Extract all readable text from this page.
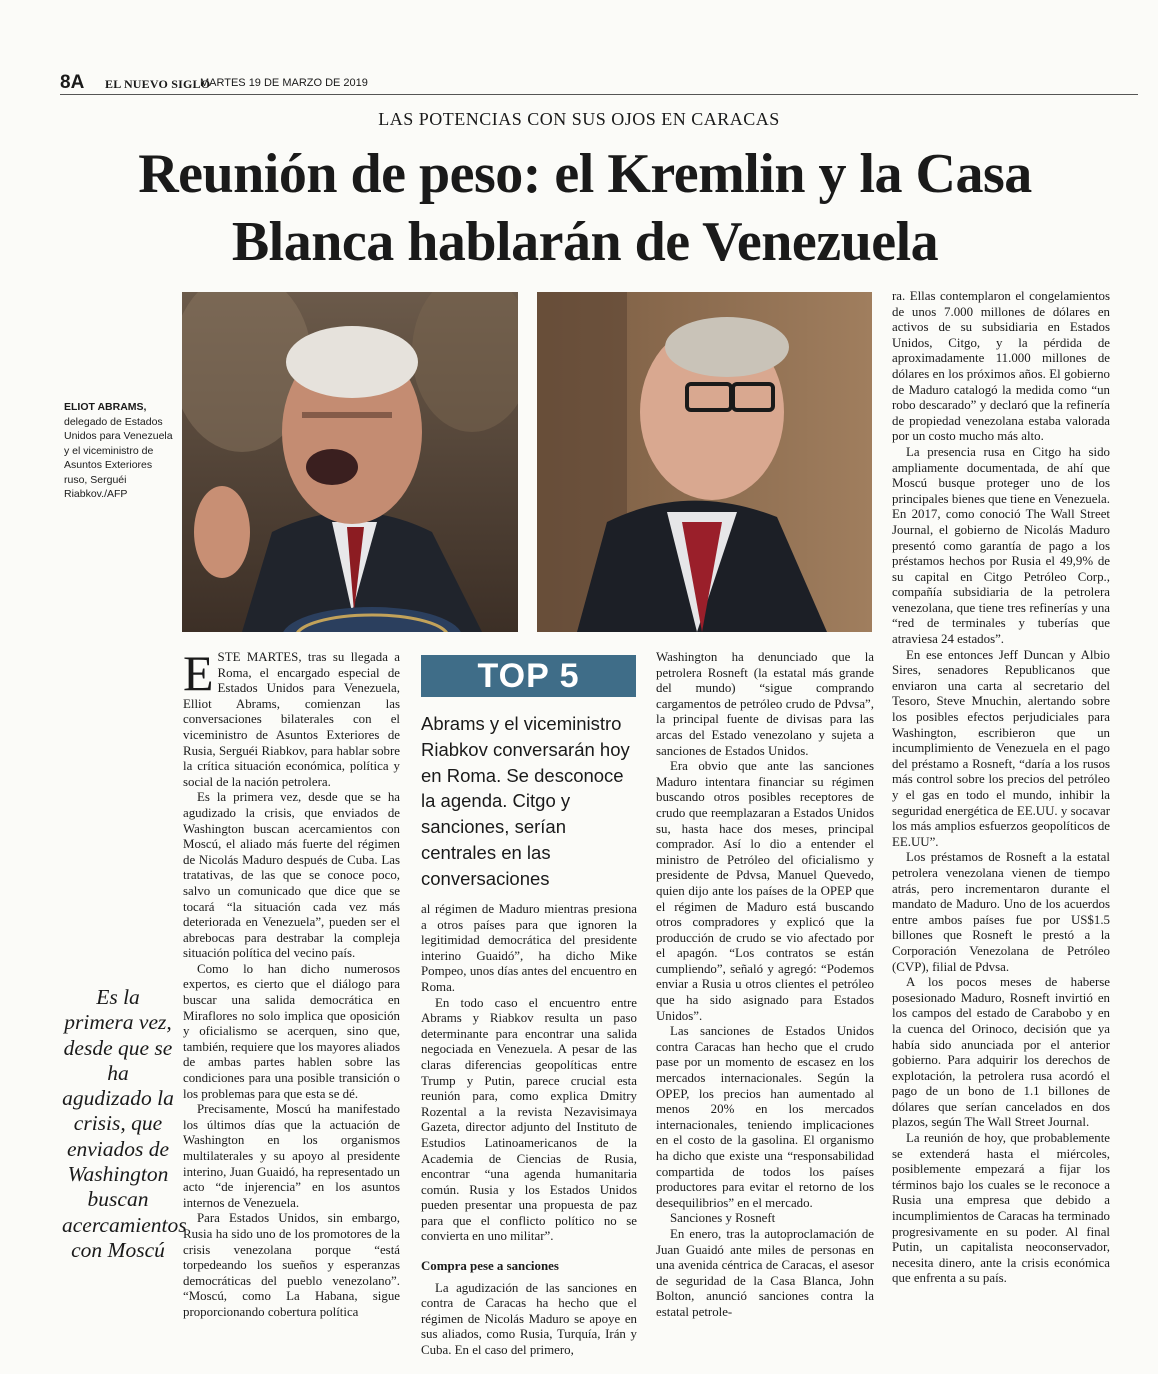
8A EL NUEVO SIGLO
MARTES 19 DE MARZO DE 2019
LAS POTENCIAS CON SUS OJOS EN CARACAS
Reunión de peso: el Kremlin y la Casa Blanca hablarán de Venezuela
ELIOT ABRAMS,
delegado de Estados Unidos para Venezuela y el viceministro de Asuntos Exteriores ruso, Serguéi Riabkov./AFP
Es la primera vez, desde que se ha agudizado la crisis, que enviados de Washington buscan acercamientos con Moscú

ESTE MARTES, tras su llegada a Roma, el encargado especial de Estados Unidos para Venezuela, Elliot Abrams, comienzan las conversaciones bilaterales con el viceministro de Asuntos Exteriores de Rusia, Serguéi Riabkov, para hablar sobre la crítica situación económica, política y social de la nación petrolera.

Es la primera vez, desde que se ha agudizado la crisis, que enviados de Washington buscan acercamientos con Moscú, el aliado más fuerte del régimen de Nicolás Maduro después de Cuba. Las tratativas, de las que se conoce poco, salvo un comunicado que dice que se tocará “la situación cada vez más deteriorada en Venezuela”, pueden ser el abrebocas para destrabar la compleja situación política del vecino país.

Como lo han dicho numerosos expertos, es cierto que el diálogo para buscar una salida democrática en Miraflores no solo implica que oposición y oficialismo se acerquen, sino que, también, requiere que los mayores aliados de ambas partes hablen sobre las condiciones para una posible transición o los problemas para que esta se dé.

Precisamente, Moscú ha manifestado los últimos días que la actuación de Washington en los organismos multilaterales y su apoyo al presidente interino, Juan Guaidó, ha representado un acto “de injerencia” en los asuntos internos de Venezuela.

Para Estados Unidos, sin embargo, Rusia ha sido uno de los promotores de la crisis venezolana porque “está torpedeando los sueños y esperanzas democráticas del pueblo venezolano”. “Moscú, como La Habana, sigue proporcionando cobertura política

TOP 5
Abrams y el viceministro Riabkov conversarán hoy en Roma. Se desconoce la agenda. Citgo y sanciones, serían centrales en las conversaciones

al régimen de Maduro mientras presiona a otros países para que ignoren la legitimidad democrática del presidente interino Guaidó”, ha dicho Mike Pompeo, unos días antes del encuentro en Roma.

En todo caso el encuentro entre Abrams y Riabkov resulta un paso determinante para encontrar una salida negociada en Venezuela. A pesar de las claras diferencias geopolíticas entre Trump y Putin, parece crucial esta reunión para, como explica Dmitry Rozental a la revista Nezavisimaya Gazeta, director adjunto del Instituto de Estudios Latinoamericanos de la Academia de Ciencias de Rusia, encontrar “una agenda humanitaria común. Rusia y los Estados Unidos pueden presentar una propuesta de paz para que el conflicto político no se convierta en uno militar”.

Compra pese a sanciones

La agudización de las sanciones en contra de Caracas ha hecho que el régimen de Nicolás Maduro se apoye en sus aliados, como Rusia, Turquía, Irán y Cuba. En el caso del primero,

Washington ha denunciado que la petrolera Rosneft (la estatal más grande del mundo) “sigue comprando cargamentos de petróleo crudo de Pdvsa”, la principal fuente de divisas para las arcas del Estado venezolano y sujeta a sanciones de Estados Unidos.

Era obvio que ante las sanciones Maduro intentara financiar su régimen buscando otros posibles receptores de crudo que reemplazaran a Estados Unidos su, hasta hace dos meses, principal comprador. Así lo dio a entender el ministro de Petróleo del oficialismo y presidente de Pdvsa, Manuel Quevedo, quien dijo ante los países de la OPEP que el régimen de Maduro está buscando otros compradores y explicó que la producción de crudo se vio afectado por el apagón. “Los contratos se están cumpliendo”, señaló y agregó: “Podemos enviar a Rusia u otros clientes el petróleo que ha sido asignado para Estados Unidos”.

Las sanciones de Estados Unidos contra Caracas han hecho que el crudo pase por un momento de escasez en los mercados internacionales. Según la OPEP, los precios han aumentado al menos 20% en los mercados internacionales, teniendo implicaciones en el costo de la gasolina. El organismo ha dicho que existe una “responsabilidad compartida de todos los países productores para evitar el retorno de los desequilibrios” en el mercado.

Sanciones y Rosneft

En enero, tras la autoproclamación de Juan Guaidó ante miles de personas en una avenida céntrica de Caracas, el asesor de seguridad de la Casa Blanca, John Bolton, anunció sanciones contra la estatal petrole-

ra. Ellas contemplaron el congelamientos de unos 7.000 millones de dólares en activos de su subsidiaria en Estados Unidos, Citgo, y la pérdida de aproximadamente 11.000 millones de dólares en los próximos años. El gobierno de Maduro catalogó la medida como “un robo descarado” y declaró que la refinería de propiedad venezolana estaba valorada por un costo mucho más alto.

La presencia rusa en Citgo ha sido ampliamente documentada, de ahí que Moscú busque proteger uno de los principales bienes que tiene en Venezuela. En 2017, como conoció The Wall Street Journal, el gobierno de Nicolás Maduro presentó como garantía de pago a los préstamos hechos por Rusia el 49,9% de su capital en Citgo Petróleo Corp., compañía subsidiaria de la petrolera venezolana, que tiene tres refinerías y una “red de terminales y tuberías que atraviesa 24 estados”.

En ese entonces Jeff Duncan y Albio Sires, senadores Republicanos que enviaron una carta al secretario del Tesoro, Steve Mnuchin, alertando sobre los posibles efectos perjudiciales para Washington, escribieron que un incumplimiento de Venezuela en el pago del préstamo a Rosneft, “daría a los rusos más control sobre los precios del petróleo y el gas en todo el mundo, inhibir la seguridad energética de EE.UU. y socavar los más amplios esfuerzos geopolíticos de EE.UU”.

Los préstamos de Rosneft a la estatal petrolera venezolana vienen de tiempo atrás, pero incrementaron durante el mandato de Maduro. Uno de los acuerdos entre ambos países fue por US$1.5 billones que Rosneft le prestó a la Corporación Venezolana de Petróleo (CVP), filial de Pdvsa.

A los pocos meses de haberse posesionado Maduro, Rosneft invirtió en los campos del estado de Carabobo y en la cuenca del Orinoco, decisión que ya había sido anunciada por el anterior gobierno. Para adquirir los derechos de explotación, la petrolera rusa acordó el pago de un bono de 1.1 billones de dólares que serían cancelados en dos plazos, según The Wall Street Journal.

La reunión de hoy, que probablemente se extenderá hasta el miércoles, posiblemente empezará a fijar los términos bajo los cuales se le reconoce a Rusia una empresa que debido a incumplimientos de Caracas ha terminado progresivamente en su poder. Al final Putin, un capitalista neoconservador, necesita dinero, ante la crisis económica que enfrenta a su país.
